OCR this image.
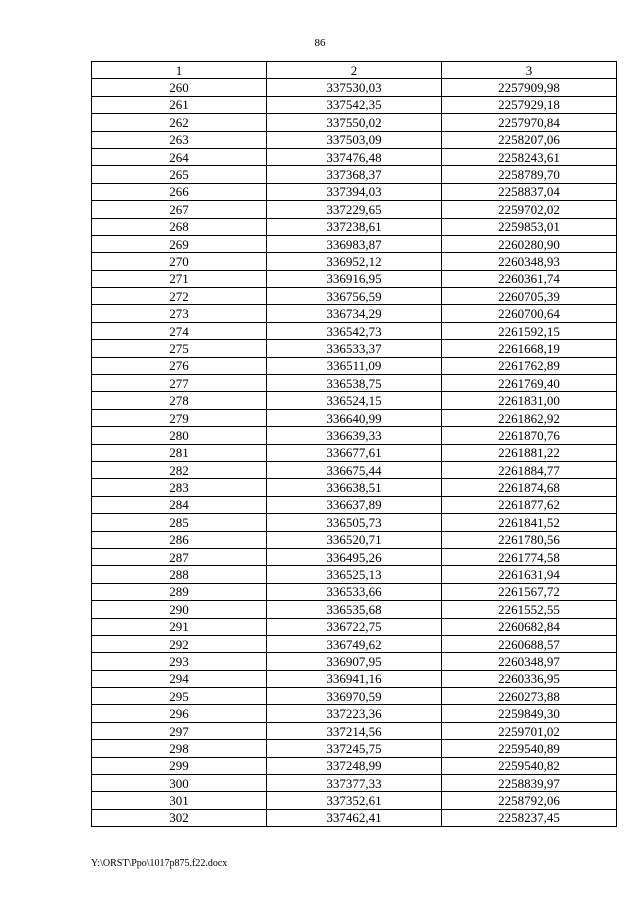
86
1	2	3
260	337530,03	2257909,98
261	337542,35	2257929,18
262	337550,02	2257970,84
263	337503,09	2258207,06
264	337476,48	2258243,61
265	337368,37	2258789,70
266	337394,03	2258837,04
267	337229,65	2259702,02
268	337238,61	2259853,01
269	336983,87	2260280,90
270	336952,12	2260348,93
271	336916,95	2260361,74
272	336756,59	2260705,39
273	336734,29	2260700,64
274	336542,73	2261592,15
275	336533,37	2261668,19
276	336511,09	2261762,89
277	336538,75	2261769,40
278	336524,15	2261831,00
279	336640,99	2261862,92
280	336639,33	2261870,76
281	336677,61	2261881,22
282	336675,44	2261884,77
283	336638,51	2261874,68
284	336637,89	2261877,62
285	336505,73	2261841,52
286	336520,71	2261780,56
287	336495,26	2261774,58
288	336525,13	2261631,94
289	336533,66	2261567,72
290	336535,68	2261552,55
291	336722,75	2260682,84
292	336749,62	2260688,57
293	336907,95	2260348,97
294	336941,16	2260336,95
295	336970,59	2260273,88
296	337223,36	2259849,30
297	337214,56	2259701,02
298	337245,75	2259540,89
299	337248,99	2259540,82
300	337377,33	2258839,97
301	337352,61	2258792,06
302	337462,41	2258237,45
Y:\ORST\Ppo\1017p875.f22.docx
